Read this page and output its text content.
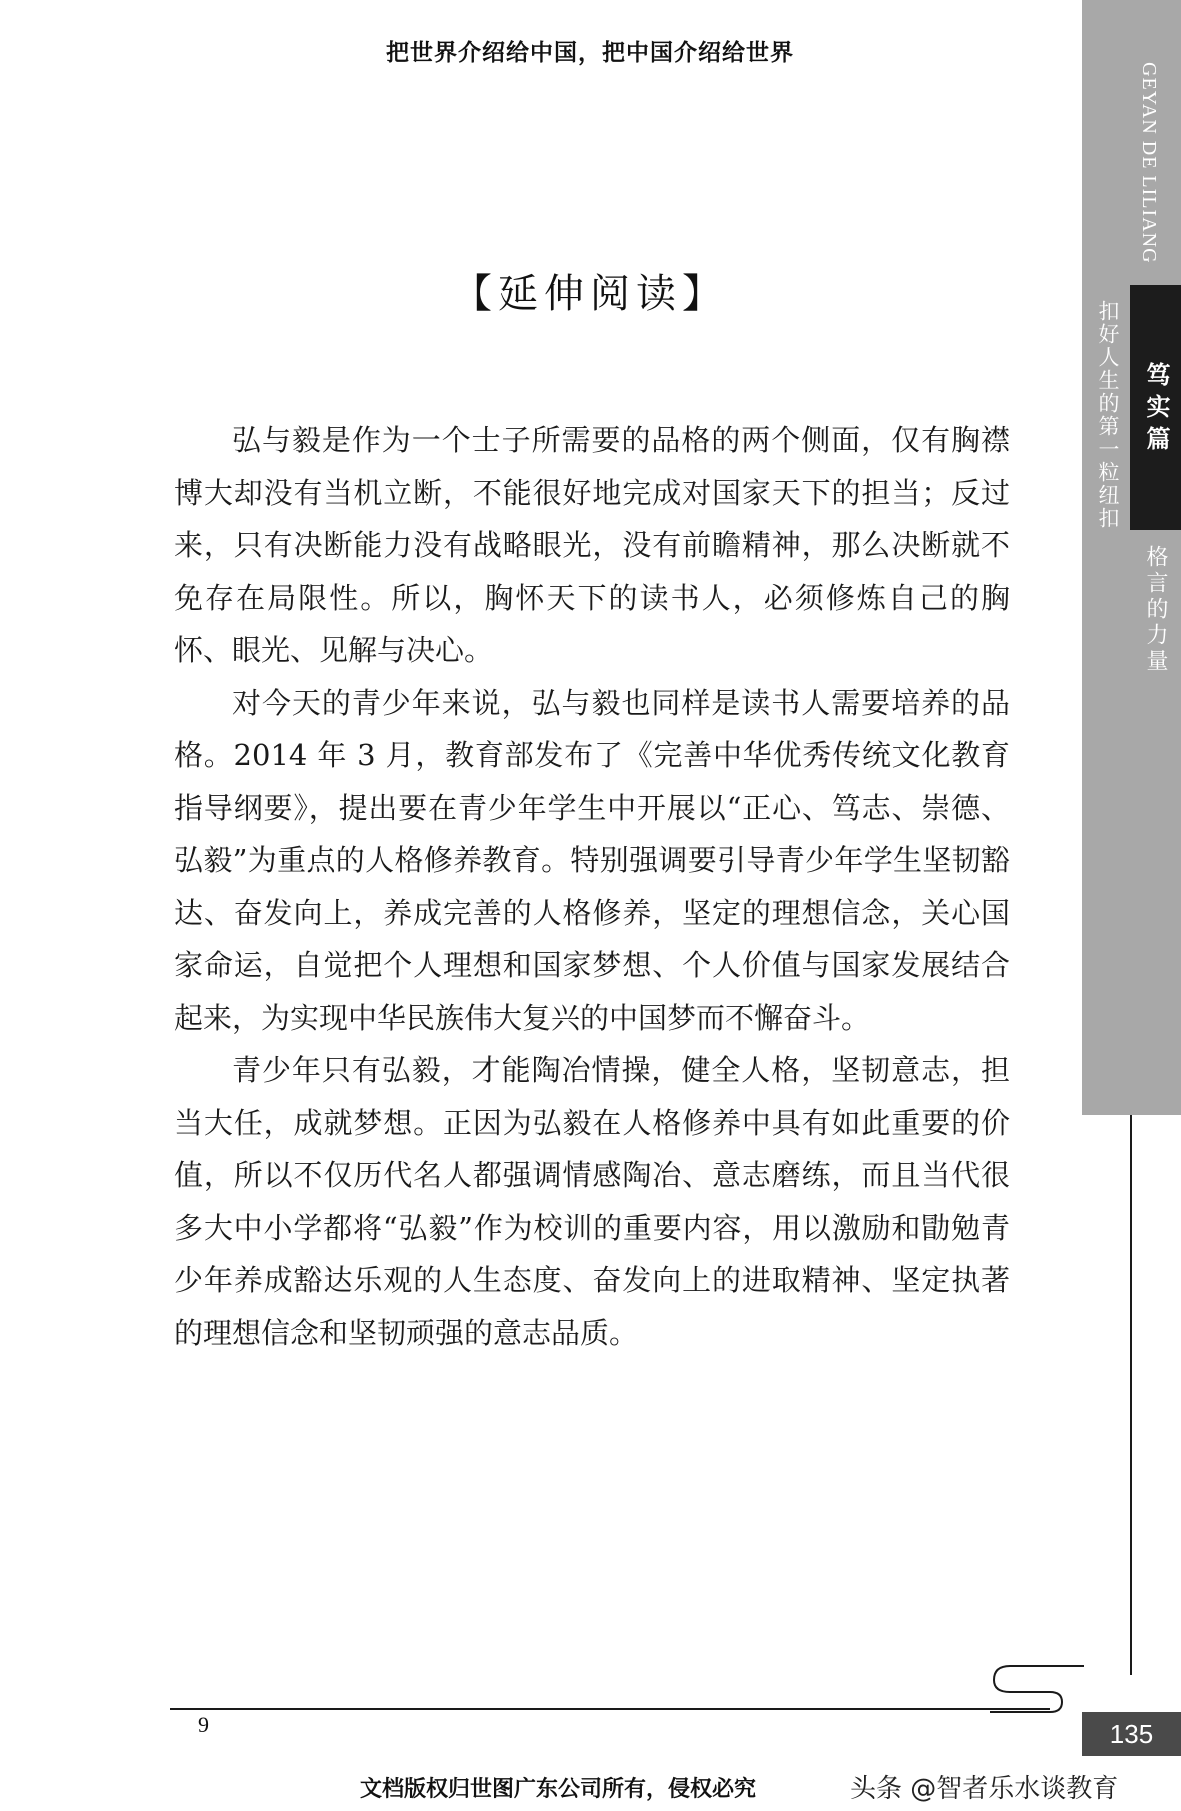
把世界介绍给中国，把中国介绍给世界
GEYAN DE LILIANG
扣好人生的第一粒纽扣 笃实篇
格言的力量
【延伸阅读】

弘与毅是作为一个士子所需要的品格的两个侧面，仅有胸襟博大却没有当机立断，不能很好地完成对国家天下的担当；反过来，只有决断能力没有战略眼光，没有前瞻精神，那么决断就不免存在局限性。所以，胸怀天下的读书人，必须修炼自己的胸怀、眼光、见解与决心。

对今天的青少年来说，弘与毅也同样是读书人需要培养的品格。2014 年 3 月，教育部发布了《完善中华优秀传统文化教育指导纲要》，提出要在青少年学生中开展以“正心、笃志、崇德、弘毅”为重点的人格修养教育。特别强调要引导青少年学生坚韧豁达、奋发向上，养成完善的人格修养，坚定的理想信念，关心国家命运，自觉把个人理想和国家梦想、个人价值与国家发展结合起来，为实现中华民族伟大复兴的中国梦而不懈奋斗。

青少年只有弘毅，才能陶冶情操，健全人格，坚韧意志，担当大任，成就梦想。正因为弘毅在人格修养中具有如此重要的价值，所以不仅历代名人都强调情感陶冶、意志磨练，而且当代很多大中小学都将“弘毅”作为校训的重要内容，用以激励和勖勉青少年养成豁达乐观的人生态度、奋发向上的进取精神、坚定执著的理想信念和坚韧顽强的意志品质。

9	135
文档版权归世图广东公司所有，侵权必究	头条 @智者乐水谈教育
